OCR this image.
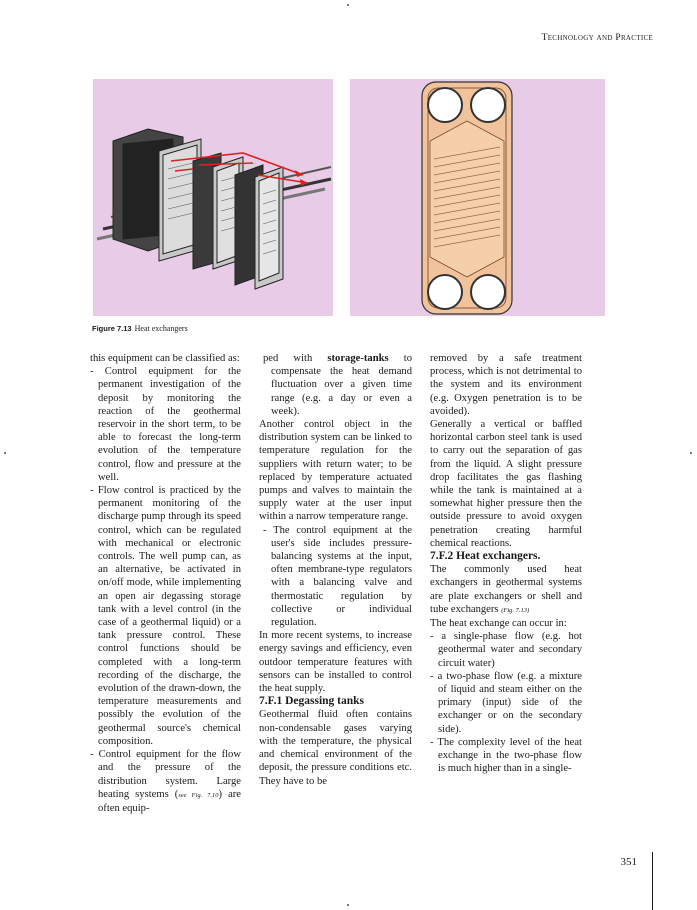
Technology and Practice
Figure 7.13 Heat exchangers

this equipment can be classified as:

- Control equipment for the permanent investigation of the deposit by monitoring the reaction of the geothermal reservoir in the short term, to be able to forecast the long-term evolution of the temperature control, flow and pressure at the well.

- Flow control is practiced by the permanent monitoring of the discharge pump through its speed control, which can be regulated with mechanical or electronic controls. The well pump can, as an alternative, be activated in on/off mode, while implementing an open air degassing storage tank with a level control (in the case of a geothermal liquid) or a tank pressure control. These control functions should be completed with a long-term recording of the discharge, the evolution of the drawn-down, the temperature measurements and possibly the evolution of the geothermal source's chemical composition.

- Control equipment for the flow and the pressure of the distribution system. Large heating systems (see Fig. 7.10) are often equip-

ped with storage-tanks to compensate the heat demand fluctuation over a given time range (e.g. a day or even a week).

Another control object in the distribution system can be linked to temperature regulation for the suppliers with return water; to be replaced by temperature actuated pumps and valves to maintain the supply water at the user input within a narrow temperature range.

- The control equipment at the user's side includes pressure-balancing systems at the input, often membrane-type regulators with a balancing valve and thermostatic regulation by collective or individual regulation.

In more recent systems, to increase energy savings and efficiency, even outdoor temperature features with sensors can be installed to control the heat supply.

7.F.1 Degassing tanks

Geothermal fluid often contains non-condensable gases varying with the temperature, the physical and chemical environment of the deposit, the pressure conditions etc. They have to be

removed by a safe treatment process, which is not detrimental to the system and its environment (e.g. Oxygen penetration is to be avoided).

Generally a vertical or baffled horizontal carbon steel tank is used to carry out the separation of gas from the liquid. A slight pressure drop facilitates the gas flashing while the tank is maintained at a somewhat higher pressure then the outside pressure to avoid oxygen penetration creating harmful chemical reactions.

7.F.2 Heat exchangers.

The commonly used heat exchangers in geothermal systems are plate exchangers or shell and tube exchangers (Fig. 7.13)

The heat exchange can occur in:

- a single-phase flow (e.g. hot geothermal water and secondary circuit water)

- a two-phase flow (e.g. a mixture of liquid and steam either on the primary (input) side of the exchanger or on the secondary side).

- The complexity level of the heat exchange in the two-phase flow is much higher than in a single-

351
